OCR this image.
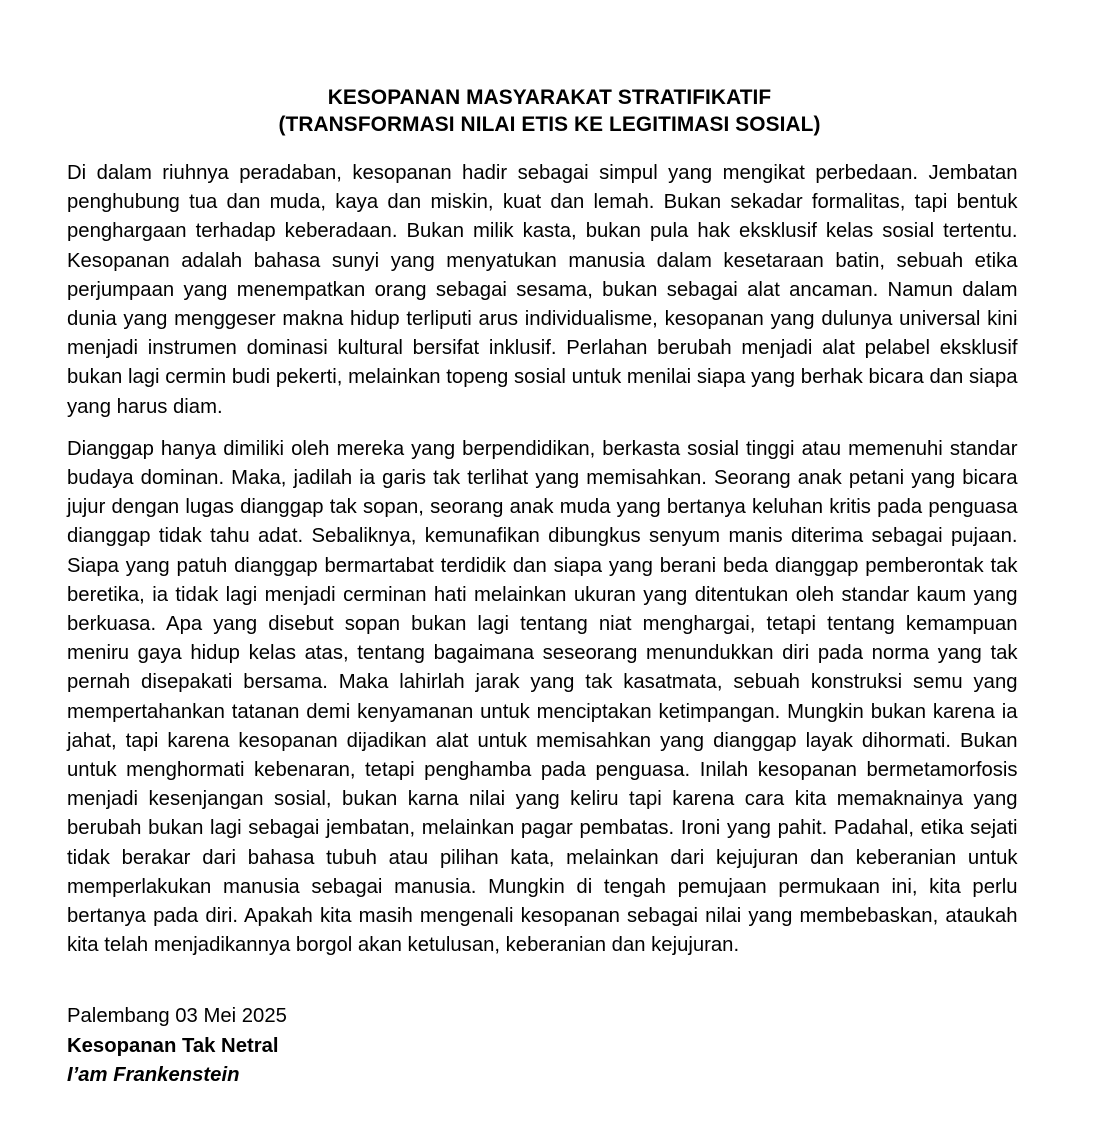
KESOPANAN MASYARAKAT STRATIFIKATIF
(TRANSFORMASI NILAI ETIS KE LEGITIMASI SOSIAL)

Di dalam riuhnya peradaban, kesopanan hadir sebagai simpul yang mengikat perbedaan. Jembatan penghubung tua dan muda, kaya dan miskin, kuat dan lemah. Bukan sekadar formalitas, tapi bentuk penghargaan terhadap keberadaan. Bukan milik kasta, bukan pula hak eksklusif kelas sosial tertentu. Kesopanan adalah bahasa sunyi yang menyatukan manusia dalam kesetaraan batin, sebuah etika perjumpaan yang menempatkan orang sebagai sesama, bukan sebagai alat ancaman. Namun dalam dunia yang menggeser makna hidup terliputi arus individualisme, kesopanan yang dulunya universal kini menjadi instrumen dominasi kultural bersifat inklusif. Perlahan berubah menjadi alat pelabel eksklusif bukan lagi cermin budi pekerti, melainkan topeng sosial untuk menilai siapa yang berhak bicara dan siapa yang harus diam.

Dianggap hanya dimiliki oleh mereka yang berpendidikan, berkasta sosial tinggi atau memenuhi standar budaya dominan. Maka, jadilah ia garis tak terlihat yang memisahkan. Seorang anak petani yang bicara jujur dengan lugas dianggap tak sopan, seorang anak muda yang bertanya keluhan kritis pada penguasa dianggap tidak tahu adat. Sebaliknya, kemunafikan dibungkus senyum manis diterima sebagai pujaan. Siapa yang patuh dianggap bermartabat terdidik dan siapa yang berani beda dianggap pemberontak tak beretika, ia tidak lagi menjadi cerminan hati melainkan ukuran yang ditentukan oleh standar kaum yang berkuasa. Apa yang disebut sopan bukan lagi tentang niat menghargai, tetapi tentang kemampuan meniru gaya hidup kelas atas, tentang bagaimana seseorang menundukkan diri pada norma yang tak pernah disepakati bersama. Maka lahirlah jarak yang tak kasatmata, sebuah konstruksi semu yang mempertahankan tatanan demi kenyamanan untuk menciptakan ketimpangan. Mungkin bukan karena ia jahat, tapi karena kesopanan dijadikan alat untuk memisahkan yang dianggap layak dihormati. Bukan untuk menghormati kebenaran, tetapi penghamba pada penguasa. Inilah kesopanan bermetamorfosis menjadi kesenjangan sosial, bukan karna nilai yang keliru tapi karena cara kita memaknainya yang berubah bukan lagi sebagai jembatan, melainkan pagar pembatas. Ironi yang pahit. Padahal, etika sejati tidak berakar dari bahasa tubuh atau pilihan kata, melainkan dari kejujuran dan keberanian untuk memperlakukan manusia sebagai manusia. Mungkin di tengah pemujaan permukaan ini, kita perlu bertanya pada diri. Apakah kita masih mengenali kesopanan sebagai nilai yang membebaskan, ataukah kita telah menjadikannya borgol akan ketulusan, keberanian dan kejujuran.

Palembang 03 Mei 2025
Kesopanan Tak Netral
I’am Frankenstein
